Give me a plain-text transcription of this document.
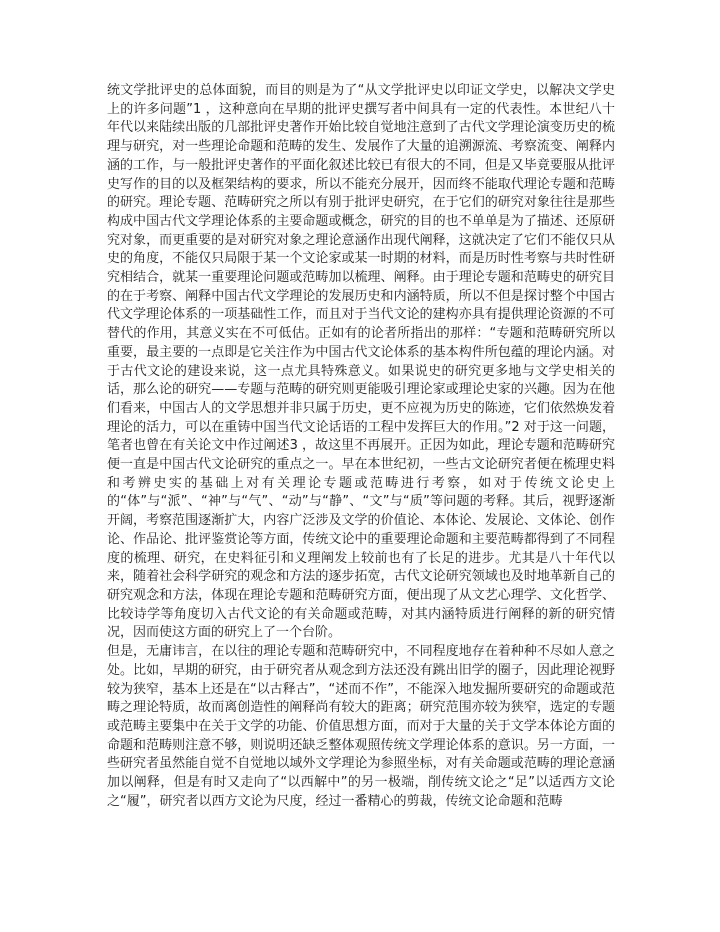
统文学批评史的总体面貌，而目的则是为了“从文学批评史以印证文学史，以解决文学史上的许多问题”1 ，这种意向在早期的批评史撰写者中间具有一定的代表性。本世纪八十年代以来陆续出版的几部批评史著作开始比较自觉地注意到了古代文学理论演变历史的梳理与研究，对一些理论命题和范畴的发生、发展作了大量的追溯源流、考察流变、阐释内涵的工作，与一般批评史著作的平面化叙述比较已有很大的不同，但是又毕竟要服从批评史写作的目的以及框架结构的要求，所以不能充分展开，因而终不能取代理论专题和范畴的研究。理论专题、范畴研究之所以有别于批评史研究，在于它们的研究对象往往是那些构成中国古代文学理论体系的主要命题或概念，研究的目的也不单单是为了描述、还原研究对象，而更重要的是对研究对象之理论意涵作出现代阐释，这就决定了它们不能仅只从史的角度，不能仅只局限于某一个文论家或某一时期的材料，而是历时性考察与共时性研究相结合，就某一重要理论问题或范畴加以梳理、阐释。由于理论专题和范畴史的研究目的在于考察、阐释中国古代文学理论的发展历史和内涵特质，所以不但是探讨整个中国古代文学理论体系的一项基础性工作，而且对于当代文论的建构亦具有提供理论资源的不可替代的作用，其意义实在不可低估。正如有的论者所指出的那样：“专题和范畴研究所以重要，最主要的一点即是它关注作为中国古代文论体系的基本构件所包蕴的理论内涵。对于古代文论的建设来说，这一点尤具特殊意义。如果说史的研究更多地与文学史相关的话，那么论的研究——专题与范畴的研究则更能吸引理论家或理论史家的兴趣。因为在他们看来，中国古人的文学思想并非只属于历史，更不应视为历史的陈迹，它们依然焕发着理论的活力，可以在重铸中国当代文论话语的工程中发挥巨大的作用。”2 对于这一问题，笔者也曾在有关论文中作过阐述3 ，故这里不再展开。正因为如此，理论专题和范畴研究便一直是中国古代文论研究的重点之一。早在本世纪初，一些古文论研究者便在梳理史料和考辨史实的基础上对有关理论专题或范畴进行考察，如对于传统文论史上的“体”与“派”、“神”与“气”、“动”与“静”、“文”与“质”等问题的考释。其后，视野逐渐开阔，考察范围逐渐扩大，内容广泛涉及文学的价值论、本体论、发展论、文体论、创作论、作品论、批评鉴赏论等方面，传统文论中的重要理论命题和主要范畴都得到了不同程度的梳理、研究，在史料征引和义理阐发上较前也有了长足的进步。尤其是八十年代以来，随着社会科学研究的观念和方法的逐步拓宽，古代文论研究领域也及时地革新自己的研究观念和方法，体现在理论专题和范畴研究方面，便出现了从文艺心理学、文化哲学、比较诗学等角度切入古代文论的有关命题或范畴，对其内涵特质进行阐释的新的研究情况，因而使这方面的研究上了一个台阶。

但是，无庸讳言，在以往的理论专题和范畴研究中，不同程度地存在着种种不尽如人意之处。比如，早期的研究，由于研究者从观念到方法还没有跳出旧学的圈子，因此理论视野较为狭窄，基本上还是在“以古释古”，“述而不作”，不能深入地发掘所要研究的命题或范畴之理论特质，故而离创造性的阐释尚有较大的距离；研究范围亦较为狭窄，选定的专题或范畴主要集中在关于文学的功能、价值思想方面，而对于大量的关于文学本体论方面的命题和范畴则注意不够，则说明还缺乏整体观照传统文学理论体系的意识。另一方面，一些研究者虽然能自觉不自觉地以域外文学理论为参照坐标，对有关命题或范畴的理论意涵加以阐释，但是有时又走向了“以西解中”的另一极端，削传统文论之“足”以适西方文论之“履”，研究者以西方文论为尺度，经过一番精心的剪裁，传统文论命题和范畴
